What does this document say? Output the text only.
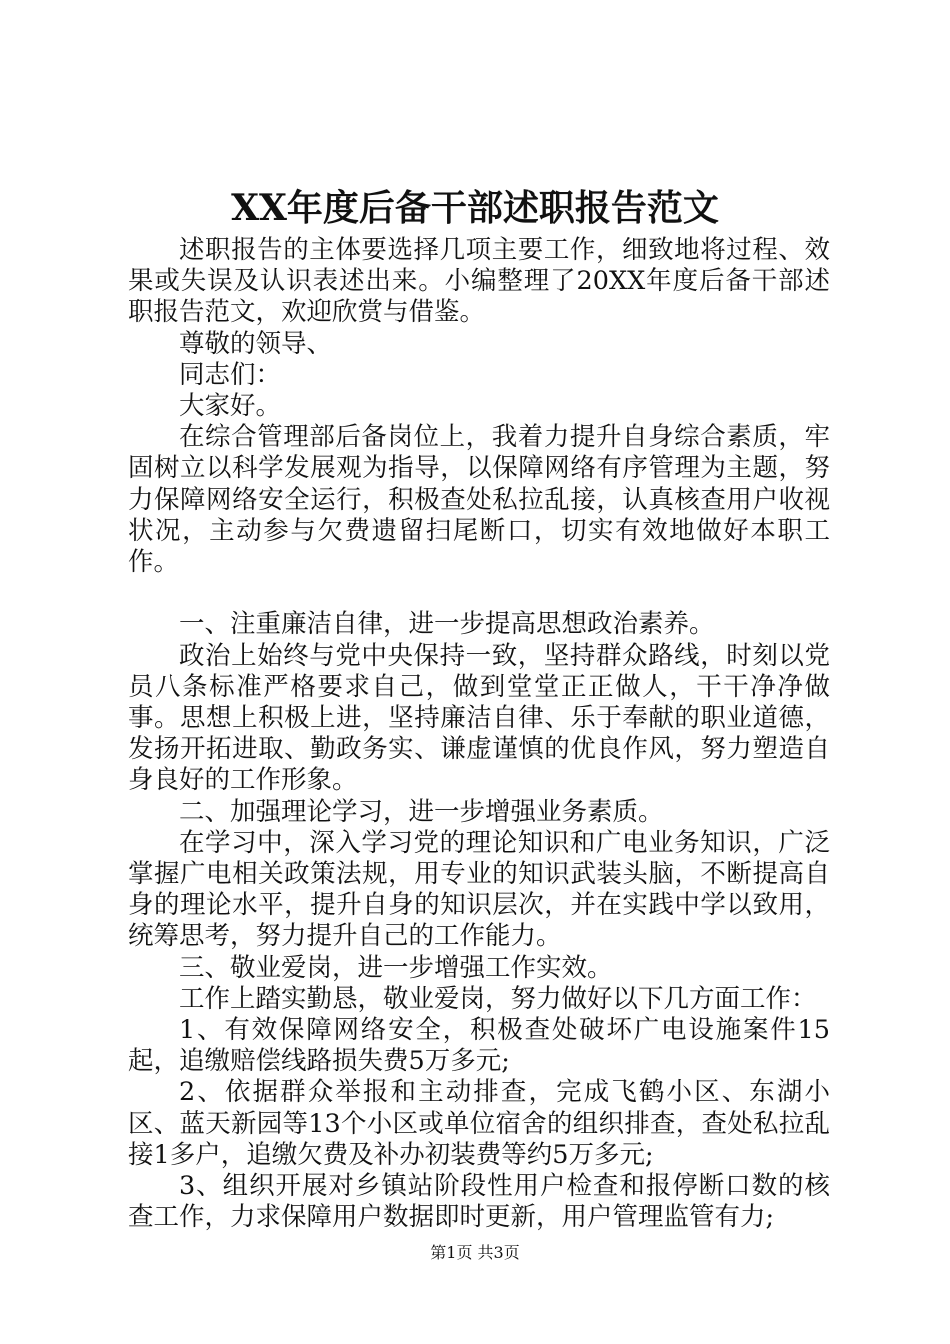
XX年度后备干部述职报告范文

述职报告的主体要选择几项主要工作，细致地将过程、效果或失误及认识表述出来。小编整理了20XX年度后备干部述职报告范文，欢迎欣赏与借鉴。

尊敬的领导、

同志们：

大家好。

在综合管理部后备岗位上，我着力提升自身综合素质，牢固树立以科学发展观为指导，以保障网络有序管理为主题，努力保障网络安全运行，积极查处私拉乱接，认真核查用户收视状况，主动参与欠费遗留扫尾断口，切实有效地做好本职工作。

一、注重廉洁自律，进一步提高思想政治素养。

政治上始终与党中央保持一致，坚持群众路线，时刻以党员八条标准严格要求自己，做到堂堂正正做人，干干净净做事。思想上积极上进，坚持廉洁自律、乐于奉献的职业道德，发扬开拓进取、勤政务实、谦虚谨慎的优良作风，努力塑造自身良好的工作形象。

二、加强理论学习，进一步增强业务素质。

在学习中，深入学习党的理论知识和广电业务知识，广泛掌握广电相关政策法规，用专业的知识武装头脑，不断提高自身的理论水平，提升自身的知识层次，并在实践中学以致用，统筹思考，努力提升自己的工作能力。

三、敬业爱岗，进一步增强工作实效。

工作上踏实勤恳，敬业爱岗，努力做好以下几方面工作：

1、有效保障网络安全，积极查处破坏广电设施案件15起，追缴赔偿线路损失费5万多元;

2、依据群众举报和主动排查，完成飞鹤小区、东湖小区、蓝天新园等13个小区或单位宿舍的组织排查，查处私拉乱接1多户，追缴欠费及补办初装费等约5万多元;

3、组织开展对乡镇站阶段性用户检查和报停断口数的核查工作，力求保障用户数据即时更新，用户管理监管有力;

第1页 共3页
